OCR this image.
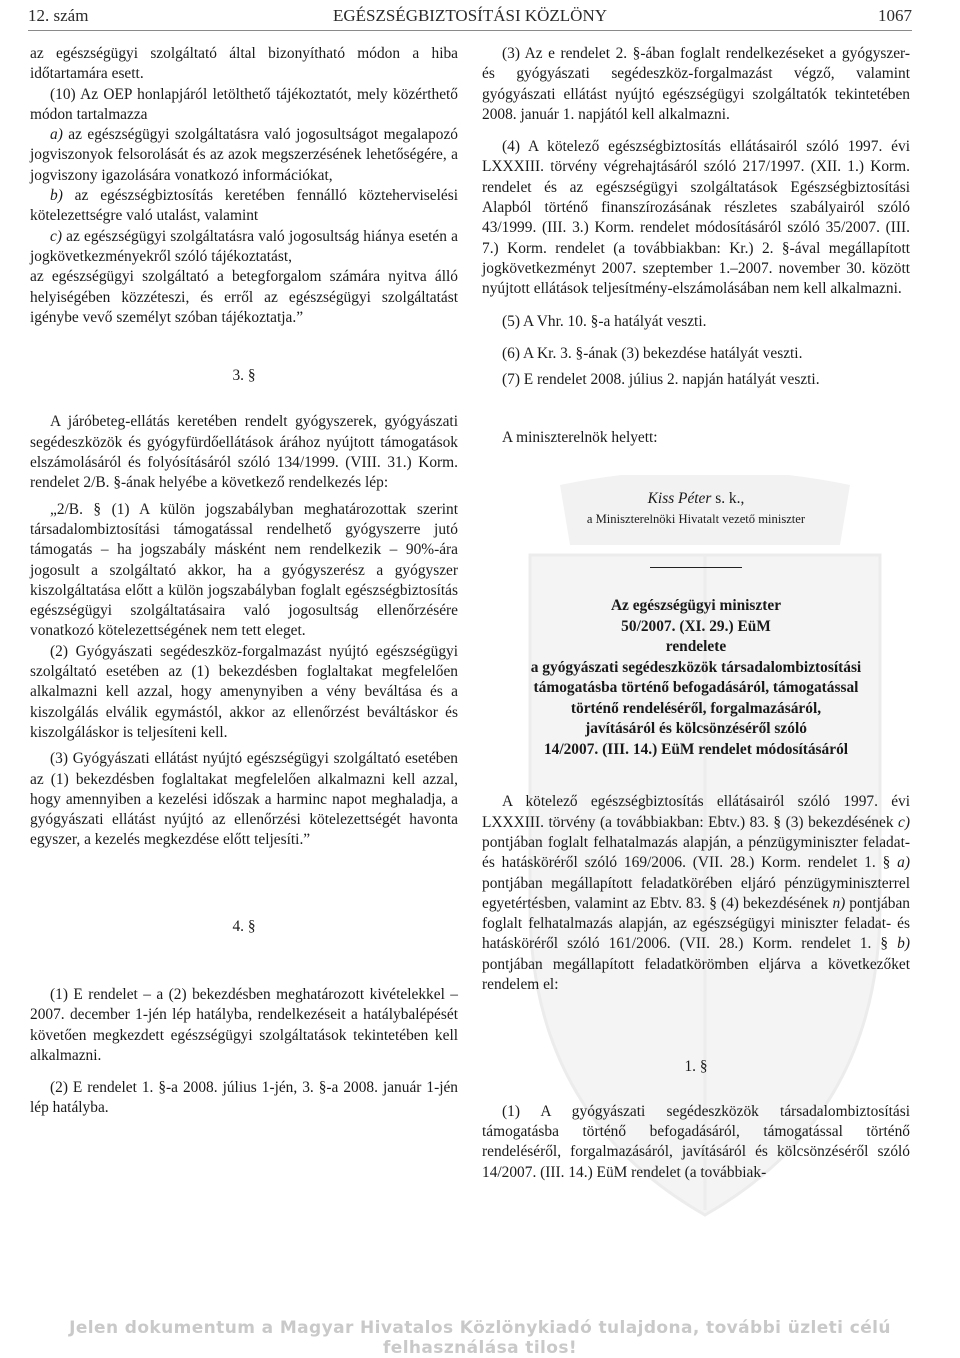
12. szám	EGÉSZSÉGBIZTOSÍTÁSI KÖZLÖNY	1067

az egészségügyi szolgáltató által bizonyítható módon a hiba időtartamára esett.

(10) Az OEP honlapjáról letölthető tájékoztatót, mely közérthető módon tartalmazza

a) az egészségügyi szolgáltatásra való jogosultságot megalapozó jogviszonyok felsorolását és az azok megszerzésének lehetőségére, a jogviszony igazolására vonatkozó információkat,

b) az egészségbiztosítás keretében fennálló közteherviselési kötelezettségre való utalást, valamint

c) az egészségügyi szolgáltatásra való jogosultság hiánya esetén a jogkövetkezményekről szóló tájékoztatást,

az egészségügyi szolgáltató a betegforgalom számára nyitva álló helyiségében közzéteszi, és erről az egészségügyi szolgáltatást igénybe vevő személyt szóban tájékoztatja.”

3. §

A járóbeteg-ellátás keretében rendelt gyógyszerek, gyógyászati segédeszközök és gyógyfürdőellátások árához nyújtott támogatások elszámolásáról és folyósításáról szóló 134/1999. (VIII. 31.) Korm. rendelet 2/B. §-ának helyébe a következő rendelkezés lép:

„2/B. § (1) A külön jogszabályban meghatározottak szerint társadalombiztosítási támogatással rendelhető gyógyszerre jutó támogatás – ha jogszabály másként nem rendelkezik – 90%-ára jogosult a szolgáltató akkor, ha a gyógyszerész a gyógyszer kiszolgáltatása előtt a külön jogszabályban foglalt egészségbiztosítás egészségügyi szolgáltatásaira való jogosultság ellenőrzésére vonatkozó kötelezettségének nem tett eleget.

(2) Gyógyászati segédeszköz-forgalmazást nyújtó egészségügyi szolgáltató esetében az (1) bekezdésben foglaltakat megfelelően alkalmazni kell azzal, hogy amenynyiben a vény beváltása és a kiszolgálás elválik egymástól, akkor az ellenőrzést beváltáskor és kiszolgáláskor is teljesíteni kell.

(3) Gyógyászati ellátást nyújtó egészségügyi szolgáltató esetében az (1) bekezdésben foglaltakat megfelelően alkalmazni kell azzal, hogy amennyiben a kezelési időszak a harminc napot meghaladja, a gyógyászati ellátást nyújtó az ellenőrzési kötelezettségét havonta egyszer, a kezelés megkezdése előtt teljesíti.”

4. §

(1) E rendelet – a (2) bekezdésben meghatározott kivételekkel – 2007. december 1-jén lép hatályba, rendelkezéseit a hatálybalépését követően megkezdett egészségügyi szolgáltatások tekintetében kell alkalmazni.

(2) E rendelet 1. §-a 2008. július 1-jén, 3. §-a 2008. január 1-jén lép hatályba.

(3) Az e rendelet 2. §-ában foglalt rendelkezéseket a gyógyszer- és gyógyászati segédeszköz-forgalmazást végző, valamint gyógyászati ellátást nyújtó egészségügyi szolgáltatók tekintetében 2008. január 1. napjától kell alkalmazni.

(4) A kötelező egészségbiztosítás ellátásairól szóló 1997. évi LXXXIII. törvény végrehajtásáról szóló 217/1997. (XII. 1.) Korm. rendelet és az egészségügyi szolgáltatások Egészségbiztosítási Alapból történő finanszírozásának részletes szabályairól szóló 43/1999. (III. 3.) Korm. rendelet módosításáról szóló 35/2007. (III. 7.) Korm. rendelet (a továbbiakban: Kr.) 2. §-ával megállapított jogkövetkezményt 2007. szeptember 1.–2007. november 30. között nyújtott ellátások teljesítmény-elszámolásában nem kell alkalmazni.

(5) A Vhr. 10. §-a hatályát veszti.

(6) A Kr. 3. §-ának (3) bekezdése hatályát veszti.

(7) E rendelet 2008. július 2. napján hatályát veszti.

A miniszterelnök helyett:

Kiss Péter s. k.,
a Miniszterelnöki Hivatalt vezető miniszter
Az egészségügyi miniszter
50/2007. (XI. 29.) EüM
rendelete
a gyógyászati segédeszközök társadalombiztosítási
támogatásba történő befogadásáról, támogatással
történő rendeléséről, forgalmazásáról,
javításáról és kölcsönzéséről szóló
14/2007. (III. 14.) EüM rendelet módosításáról

A kötelező egészségbiztosítás ellátásairól szóló 1997. évi LXXXIII. törvény (a továbbiakban: Ebtv.) 83. § (3) bekezdésének c) pontjában foglalt felhatalmazás alapján, a pénzügyminiszter feladat- és hatásköréről szóló 169/2006. (VII. 28.) Korm. rendelet 1. § a) pontjában megállapított feladatkörében eljáró pénzügyminiszterrel egyetértésben, valamint az Ebtv. 83. § (4) bekezdésének n) pontjában foglalt felhatalmazás alapján, az egészségügyi miniszter feladat- és hatásköréről szóló 161/2006. (VII. 28.) Korm. rendelet 1. § b) pontjában megállapított feladatkörömben eljárva a következőket rendelem el:

1. §

(1) A gyógyászati segédeszközök társadalombiztosítási támogatásba történő befogadásáról, támogatással történő rendeléséről, forgalmazásáról, javításáról és kölcsönzéséről szóló 14/2007. (III. 14.) EüM rendelet (a továbbiak-

Jelen dokumentum a Magyar Hivatalos Közlönykiadó tulajdona, további üzleti célú felhasználása tilos!
